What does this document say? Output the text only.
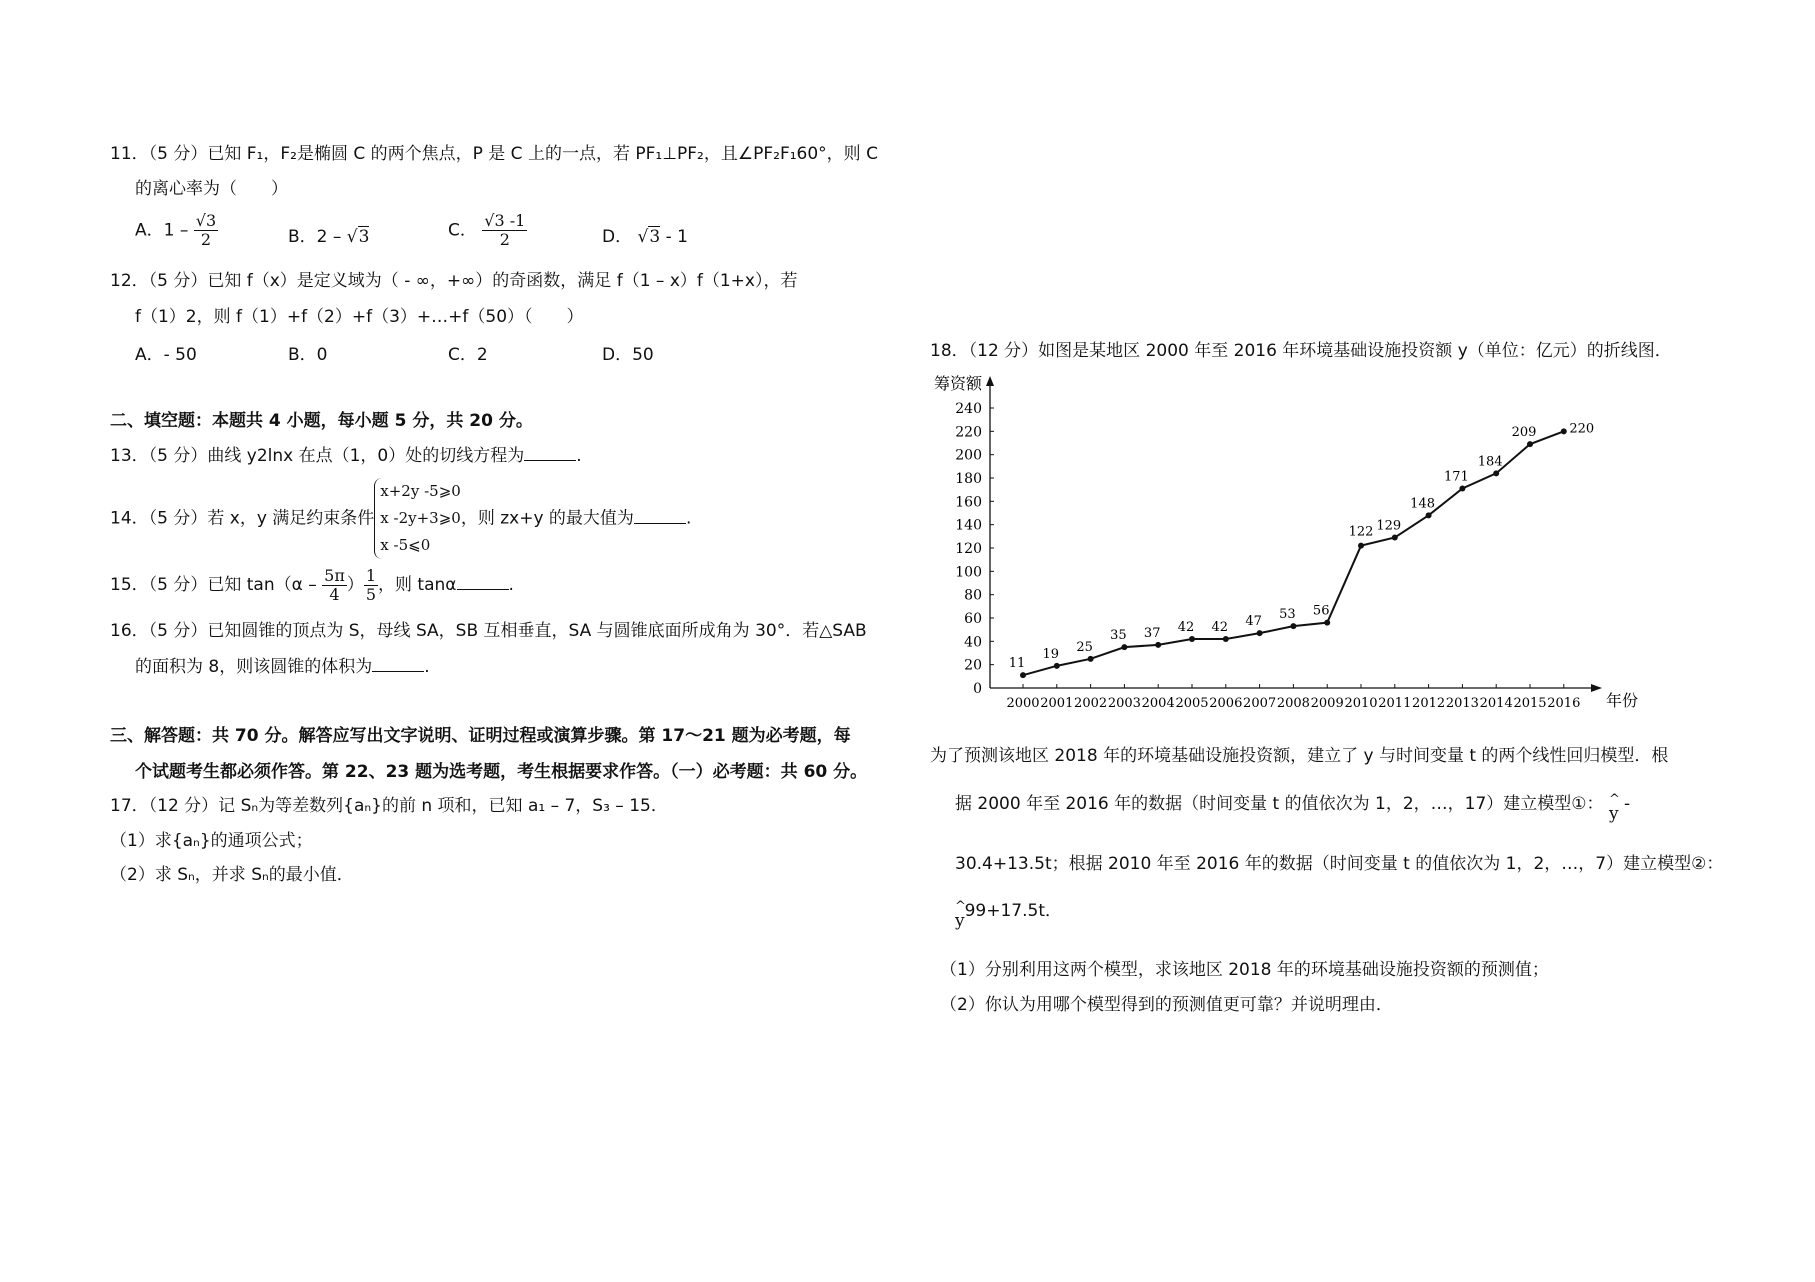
11．（5 分）已知 F₁，F₂是椭圆 C 的两个焦点，P 是 C 上的一点，若 PF₁⊥PF₂，且∠PF₂F₁60°，则 C
的离心率为（　　）
A．$1 - \frac{√3}{2}$	B．2 – √3	C． $\frac{√3 -1}{2}$	D． √3 - 1
12．（5 分）已知 f（x）是定义域为（ - ∞，+∞）的奇函数，满足 f（1 – x）f（1+x），若
f（1）2，则 f（1）+f（2）+f（3）+…+f（50）（　　）
A．- 50	B．0	C．2	D．50
二、填空题：本题共 4 小题，每小题 5 分，共 20 分。
13．（5 分）曲线 y2lnx 在点（1，0）处的切线方程为	.
14．（5 分）若 x，y 满足约束条件
x+2y -5⩾0
x -2y+3⩾0
x -5⩽0
，则 zx+y 的最大值为	.
15．（5 分）已知 $\tan(\alpha - \frac{5\pi}{4}$ ） $\frac{1}{5}$ ，则 tanα	.
16．（5 分）已知圆锥的顶点为 S，母线 SA，SB 互相垂直，SA 与圆锥底面所成角为 30°．若△SAB
的面积为 8，则该圆锥的体积为	.
三、解答题：共 70 分。解答应写出文字说明、证明过程或演算步骤。第 17～21 题为必考题，每
个试题考生都必须作答。第 22、23 题为选考题，考生根据要求作答。（一）必考题：共 60 分。
17．（12 分）记 Sₙ为等差数列{aₙ}的前 n 项和，已知 a₁ – 7，S₃ – 15．
（1）求{aₙ}的通项公式；
（2）求 Sₙ，并求 Sₙ的最小值．
18．（12 分）如图是某地区 2000 年至 2016 年环境基础设施投资额 y（单位：亿元）的折线图．
筹资额
年份
0
20
40
60
80
100
120
140
160
180
200
220
240
2000 2001 2002 2003 2004 2005 2006 2007 2008 2009 2010 2011 2012 2013 2014 2015 2016
11
19 25
35 37 42 42 47 53 56
122 129
148
171
184
209	220
为了预测该地区 2018 年的环境基础设施投资额，建立了 y 与时间变量 t 的两个线性回归模型．根
据 2000 年至 2016 年的数据（时间变量 t 的值依次为 1，2，…，17）建立模型①： ^
y -
30.4+13.5t；根据 2010 年至 2016 年的数据（时间变量 t 的值依次为 1，2，…，7）建立模型②：
^
y99+17.5t．
（1）分别利用这两个模型，求该地区 2018 年的环境基础设施投资额的预测值；
（2）你认为用哪个模型得到的预测值更可靠？并说明理由．
